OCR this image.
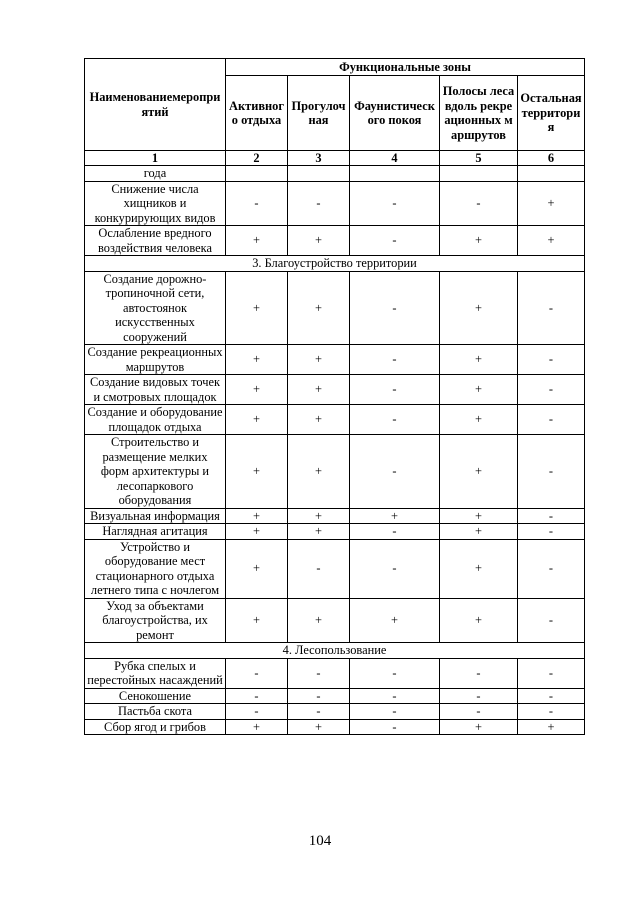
Наименованиемероприятий	Функциональные зоны				
	Активного отдыха	Прогулочная	Фаунистического покоя	Полосы леса вдоль рекреационных маршрутов	Остальная территория
1	2	3	4	5	6
года					
Снижение числа хищников и конкурирующих видов	-	-	-	-	+
Ослабление вредного воздействия человека	+	+	-	+	+
3. Благоустройство территории					
Создание дорожно-тропиночной сети, автостоянок искусственных сооружений	+	+	-	+	-
Создание рекреационных маршрутов	+	+	-	+	-
Создание видовых точек и смотровых площадок	+	+	-	+	-
Создание и оборудование площадок отдыха	+	+	-	+	-
Строительство и размещение мелких форм архитектуры и лесопаркового оборудования	+	+	-	+	-
Визуальная информация	+	+	+	+	-
Наглядная агитация	+	+	-	+	-
Устройство и оборудование мест стационарного отдыха летнего типа с ночлегом	+	-	-	+	-
Уход за объектами благоустройства, их ремонт	+	+	+	+	-
4. Лесопользование					
Рубка спелых и перестойных насаждений	-	-	-	-	-
Сенокошение	-	-	-	-	-
Пастьба скота	-	-	-	-	-
Сбор ягод и грибов	+	+	-	+	+
104
